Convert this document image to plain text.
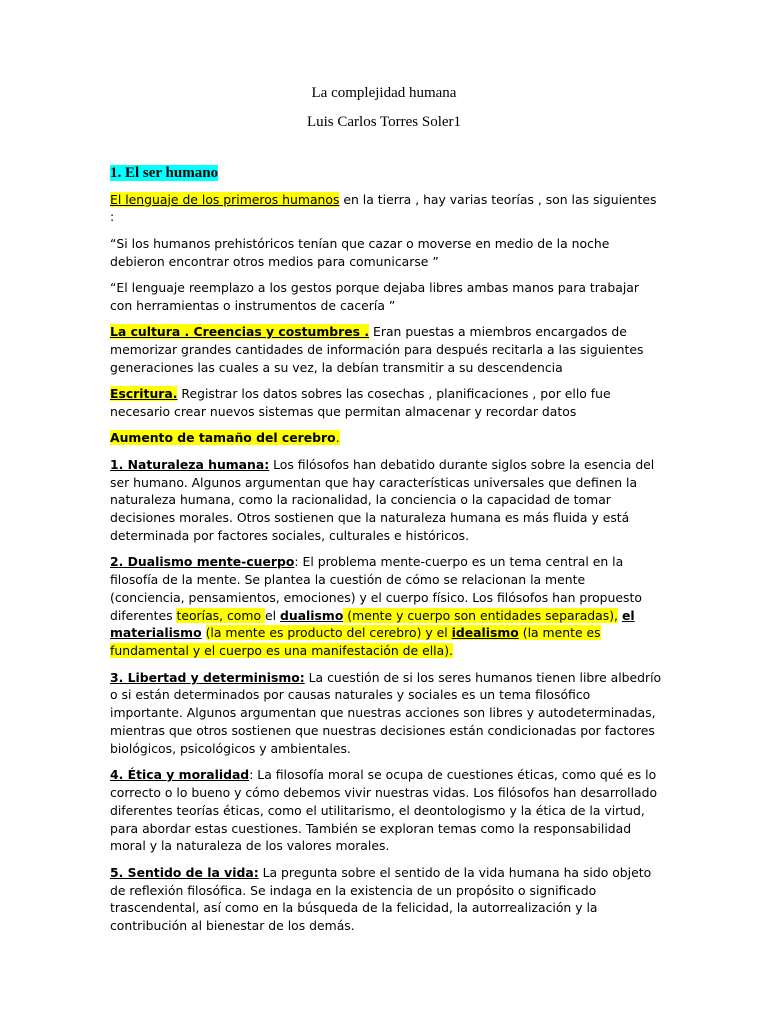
La complejidad humana
Luis Carlos Torres Soler1

1. El ser humano

El lenguaje de los primeros humanos en la tierra , hay varias teorías , son las siguientes :

“Si los humanos prehistóricos tenían que cazar o moverse en medio de la noche debieron encontrar otros medios para comunicarse ”

“El lenguaje reemplazo a los gestos porque dejaba libres ambas manos para trabajar con herramientas o instrumentos de cacería ”

La cultura . Creencias y costumbres . Eran puestas a miembros encargados de memorizar grandes cantidades de información para después recitarla a las siguientes generaciones las cuales a su vez, la debían transmitir a su descendencia

Escritura. Registrar los datos sobres las cosechas , planificaciones , por ello fue necesario crear nuevos sistemas que permitan almacenar y recordar datos

Aumento de tamaño del cerebro.

1. Naturaleza humana: Los filósofos han debatido durante siglos sobre la esencia del ser humano. Algunos argumentan que hay características universales que definen la naturaleza humana, como la racionalidad, la conciencia o la capacidad de tomar decisiones morales. Otros sostienen que la naturaleza humana es más fluida y está determinada por factores sociales, culturales e históricos.

2. Dualismo mente-cuerpo: El problema mente-cuerpo es un tema central en la filosofía de la mente. Se plantea la cuestión de cómo se relacionan la mente (conciencia, pensamientos, emociones) y el cuerpo físico. Los filósofos han propuesto diferentes teorías, como el dualismo (mente y cuerpo son entidades separadas), el materialismo (la mente es producto del cerebro) y el idealismo (la mente es fundamental y el cuerpo es una manifestación de ella).

3. Libertad y determinismo: La cuestión de si los seres humanos tienen libre albedrío o si están determinados por causas naturales y sociales es un tema filosófico importante. Algunos argumentan que nuestras acciones son libres y autodeterminadas, mientras que otros sostienen que nuestras decisiones están condicionadas por factores biológicos, psicológicos y ambientales.

4. Ética y moralidad: La filosofía moral se ocupa de cuestiones éticas, como qué es lo correcto o lo bueno y cómo debemos vivir nuestras vidas. Los filósofos han desarrollado diferentes teorías éticas, como el utilitarismo, el deontologismo y la ética de la virtud, para abordar estas cuestiones. También se exploran temas como la responsabilidad moral y la naturaleza de los valores morales.

5. Sentido de la vida: La pregunta sobre el sentido de la vida humana ha sido objeto de reflexión filosófica. Se indaga en la existencia de un propósito o significado trascendental, así como en la búsqueda de la felicidad, la autorrealización y la contribución al bienestar de los demás.
